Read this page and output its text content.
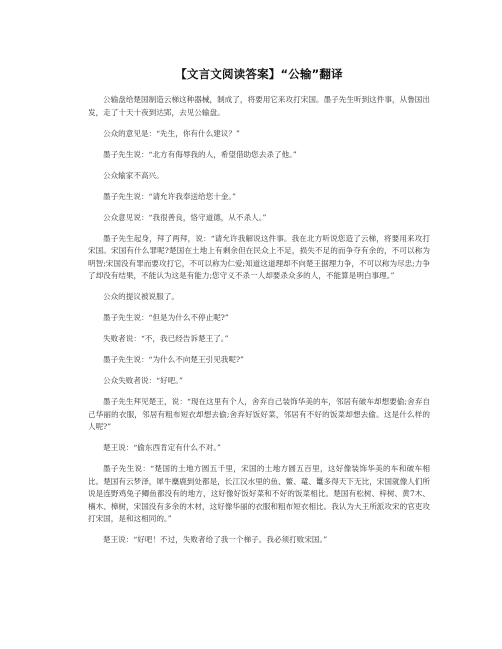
【文言文阅读答案】“公输”翻译

公输盘给楚国制造云梯这种器械，制成了，将要用它来攻打宋国。墨子先生听到这件事，从鲁国出发，走了十天十夜到达郢，去见公输盘。

公众的意见是：“先生，你有什么建议？”

墨子先生说：“北方有侮辱我的人，希望借助您去杀了他。”

公众输家不高兴。

墨子先生说：“请允许我奉送给您十金。”

公众意见说：“我很善良，恪守道德，从不杀人。”

墨子先生起身，拜了两拜，说：“请允许我解说这件事。我在北方听说您造了云梯，将要用来攻打宋国。宋国有什么罪呢?楚国在土地上有剩余但在民众上不足，损失不足的而争夺有余的，不可以称为明智;宋国没有罪而要攻打它，不可以称为仁爱;知道这道理却不向楚王据理力争，不可以称为尽忠;力争了却没有结果，不能认为这是有能力;您守义不杀一人却要杀众多的人，不能算是明白事理。”

公众的提议被说服了。

墨子先生说：“但是为什么不停止呢?”

失败者说：“不，我已经告诉楚王了。”

墨子先生说：“为什么不向楚王引见我呢?”

公众失败者说：“好吧。”

墨子先生拜见楚王，说：“现在这里有个人，舍弃自己装饰华美的车，邻居有破车却想要偷;舍弃自己华丽的衣服，邻居有粗布短衣却想去偷;舍弃好饭好菜，邻居有不好的饭菜却想去偷。这是什么样的人呢?”

楚王说：“偷东西肯定有什么不对。”

墨子先生说：“楚国的土地方圆五千里，宋国的土地方圆五百里，这好像装饰华美的车和破车相比。楚国有云梦泽，犀牛麋鹿到处都是，长江汉水里的鱼、鳖、鼋、鼍多得天下无比，宋国就像人们所说是连野鸡兔子鲫鱼都没有的地方，这好像好饭好菜和不好的饭菜相比。楚国有松树、梓树、黄7木、楠木、樟树，宋国没有多余的木材，这好像华丽的衣服和粗布短衣相比。我认为大王所派攻宋的官吏攻打宋国，是和这相同的。”

楚王说：“好吧！不过，失败者给了我一个梯子。我必须打败宋国。”
